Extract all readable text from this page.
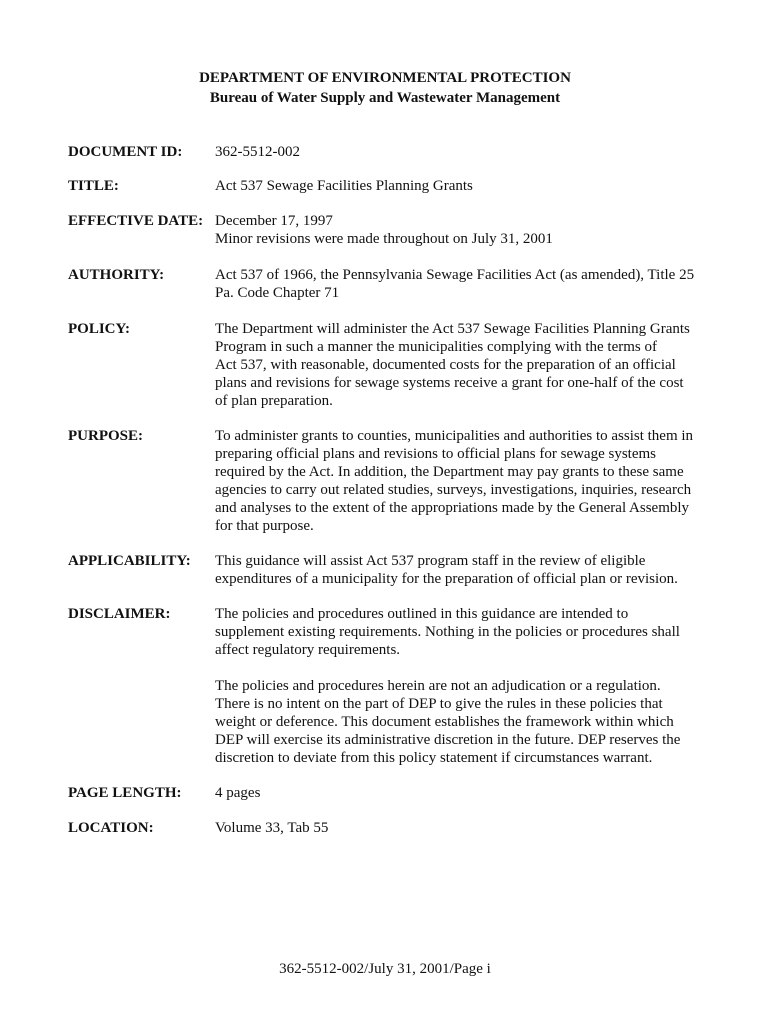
DEPARTMENT OF ENVIRONMENTAL PROTECTION
Bureau of Water Supply and Wastewater Management
DOCUMENT ID: 362-5512-002
TITLE:	Act 537 Sewage Facilities Planning Grants
EFFECTIVE DATE: December 17, 1997
Minor revisions were made throughout on July 31, 2001
AUTHORITY:	Act 537 of 1966, the Pennsylvania Sewage Facilities Act (as amended), Title 25
Pa. Code Chapter 71
POLICY:	The Department will administer the Act 537 Sewage Facilities Planning Grants
Program in such a manner the municipalities complying with the terms of
Act 537, with reasonable, documented costs for the preparation of an official
plans and revisions for sewage systems receive a grant for one-half of the cost
of plan preparation.
PURPOSE:	To administer grants to counties, municipalities and authorities to assist them in
preparing official plans and revisions to official plans for sewage systems
required by the Act. In addition, the Department may pay grants to these same
agencies to carry out related studies, surveys, investigations, inquiries, research
and analyses to the extent of the appropriations made by the General Assembly
for that purpose.
APPLICABILITY: This guidance will assist Act 537 program staff in the review of eligible
expenditures of a municipality for the preparation of official plan or revision.
DISCLAIMER:	The policies and procedures outlined in this guidance are intended to
supplement existing requirements. Nothing in the policies or procedures shall
affect regulatory requirements.

The policies and procedures herein are not an adjudication or a regulation.
There is no intent on the part of DEP to give the rules in these policies that
weight or deference. This document establishes the framework within which
DEP will exercise its administrative discretion in the future. DEP reserves the
discretion to deviate from this policy statement if circumstances warrant.

PAGE LENGTH: 4 pages
LOCATION:	Volume 33, Tab 55
362-5512-002/July 31, 2001/Page i
